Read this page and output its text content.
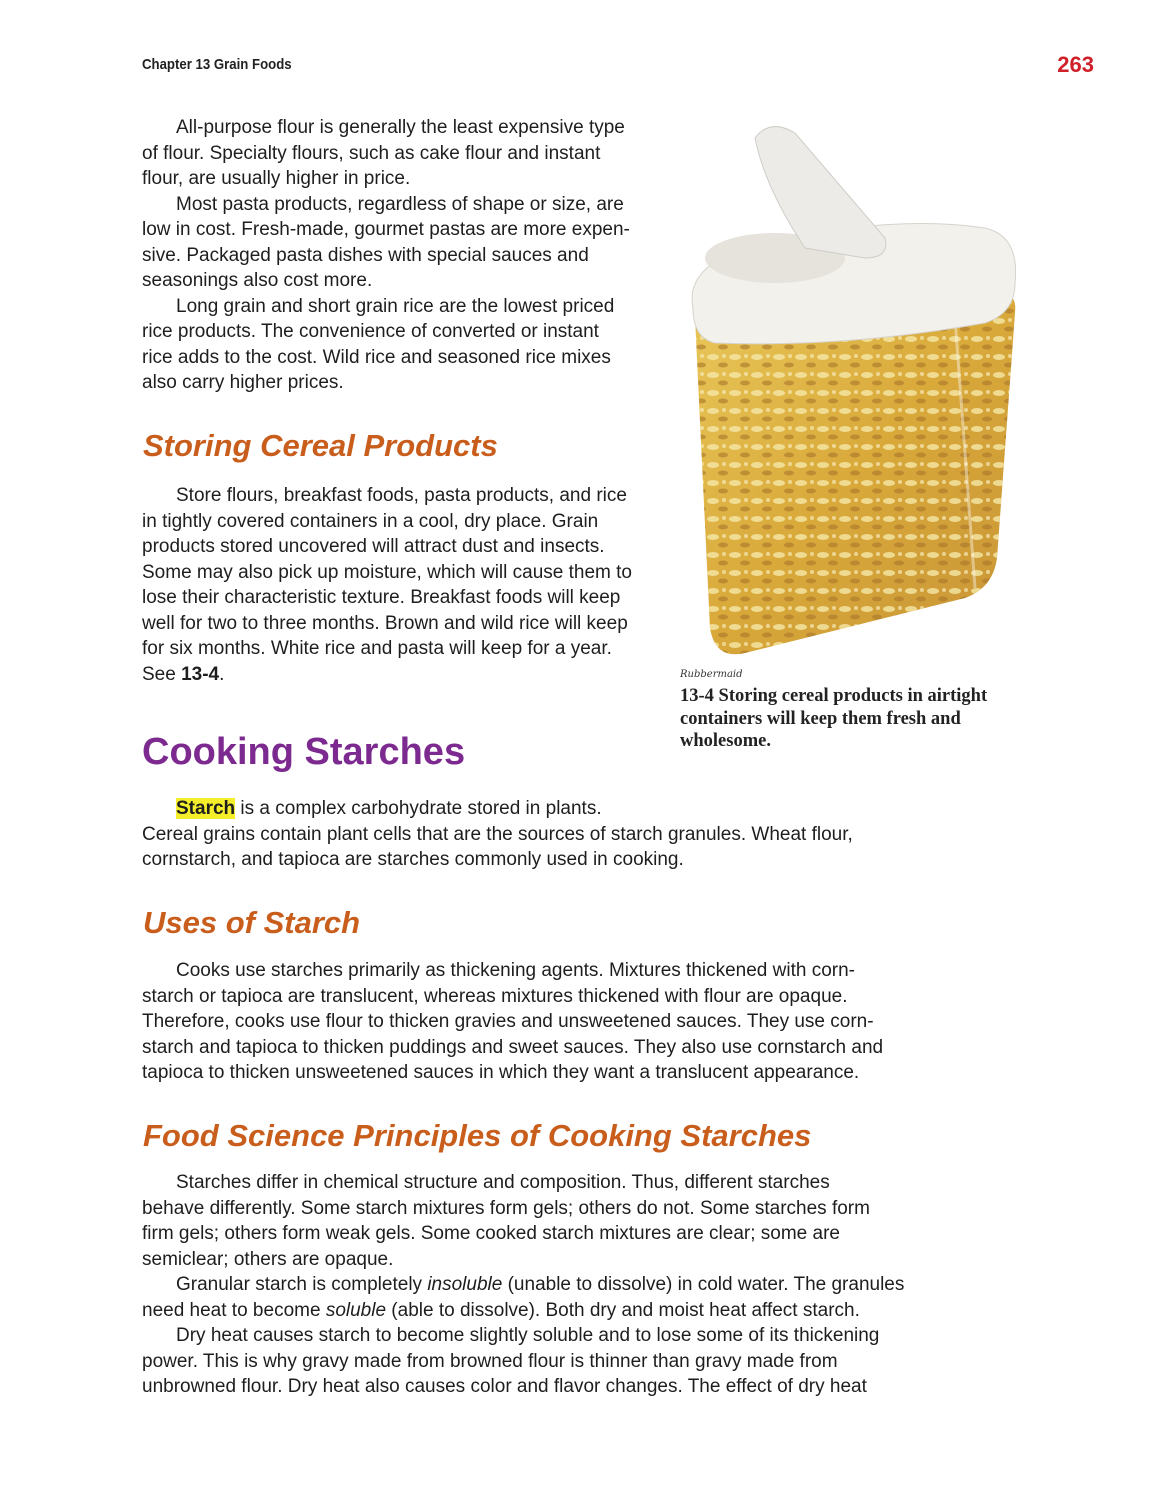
Chapter 13 Grain Foods	263
All-purpose flour is generally the least expensive type
of flour. Specialty flours, such as cake flour and instant
flour, are usually higher in price.
Most pasta products, regardless of shape or size, are
low in cost. Fresh-made, gourmet pastas are more expen-
sive. Packaged pasta dishes with special sauces and
seasonings also cost more.
Long grain and short grain rice are the lowest priced
rice products. The convenience of converted or instant
rice adds to the cost. Wild rice and seasoned rice mixes
also carry higher prices.
Storing Cereal Products
Store flours, breakfast foods, pasta products, and rice
in tightly covered containers in a cool, dry place. Grain
products stored uncovered will attract dust and insects.
Some may also pick up moisture, which will cause them to
lose their characteristic texture. Breakfast foods will keep
well for two to three months. Brown and wild rice will keep
for six months. White rice and pasta will keep for a year.
See 13-4.
Cooking Starches
Starch is a complex carbohydrate stored in plants.
Cereal grains contain plant cells that are the sources of starch granules. Wheat flour,
cornstarch, and tapioca are starches commonly used in cooking.
Uses of Starch
Cooks use starches primarily as thickening agents. Mixtures thickened with corn-
starch or tapioca are translucent, whereas mixtures thickened with flour are opaque.
Therefore, cooks use flour to thicken gravies and unsweetened sauces. They use corn-
starch and tapioca to thicken puddings and sweet sauces. They also use cornstarch and
tapioca to thicken unsweetened sauces in which they want a translucent appearance.
Food Science Principles of Cooking Starches
Starches differ in chemical structure and composition. Thus, different starches
behave differently. Some starch mixtures form gels; others do not. Some starches form
firm gels; others form weak gels. Some cooked starch mixtures are clear; some are
semiclear; others are opaque.
Granular starch is completely insoluble (unable to dissolve) in cold water. The granules
need heat to become soluble (able to dissolve). Both dry and moist heat affect starch.
Dry heat causes starch to become slightly soluble and to lose some of its thickening
power. This is why gravy made from browned flour is thinner than gravy made from
unbrowned flour. Dry heat also causes color and flavor changes. The effect of dry heat
Rubbermaid
13-4 Storing cereal products in airtight containers will keep them fresh and wholesome.
